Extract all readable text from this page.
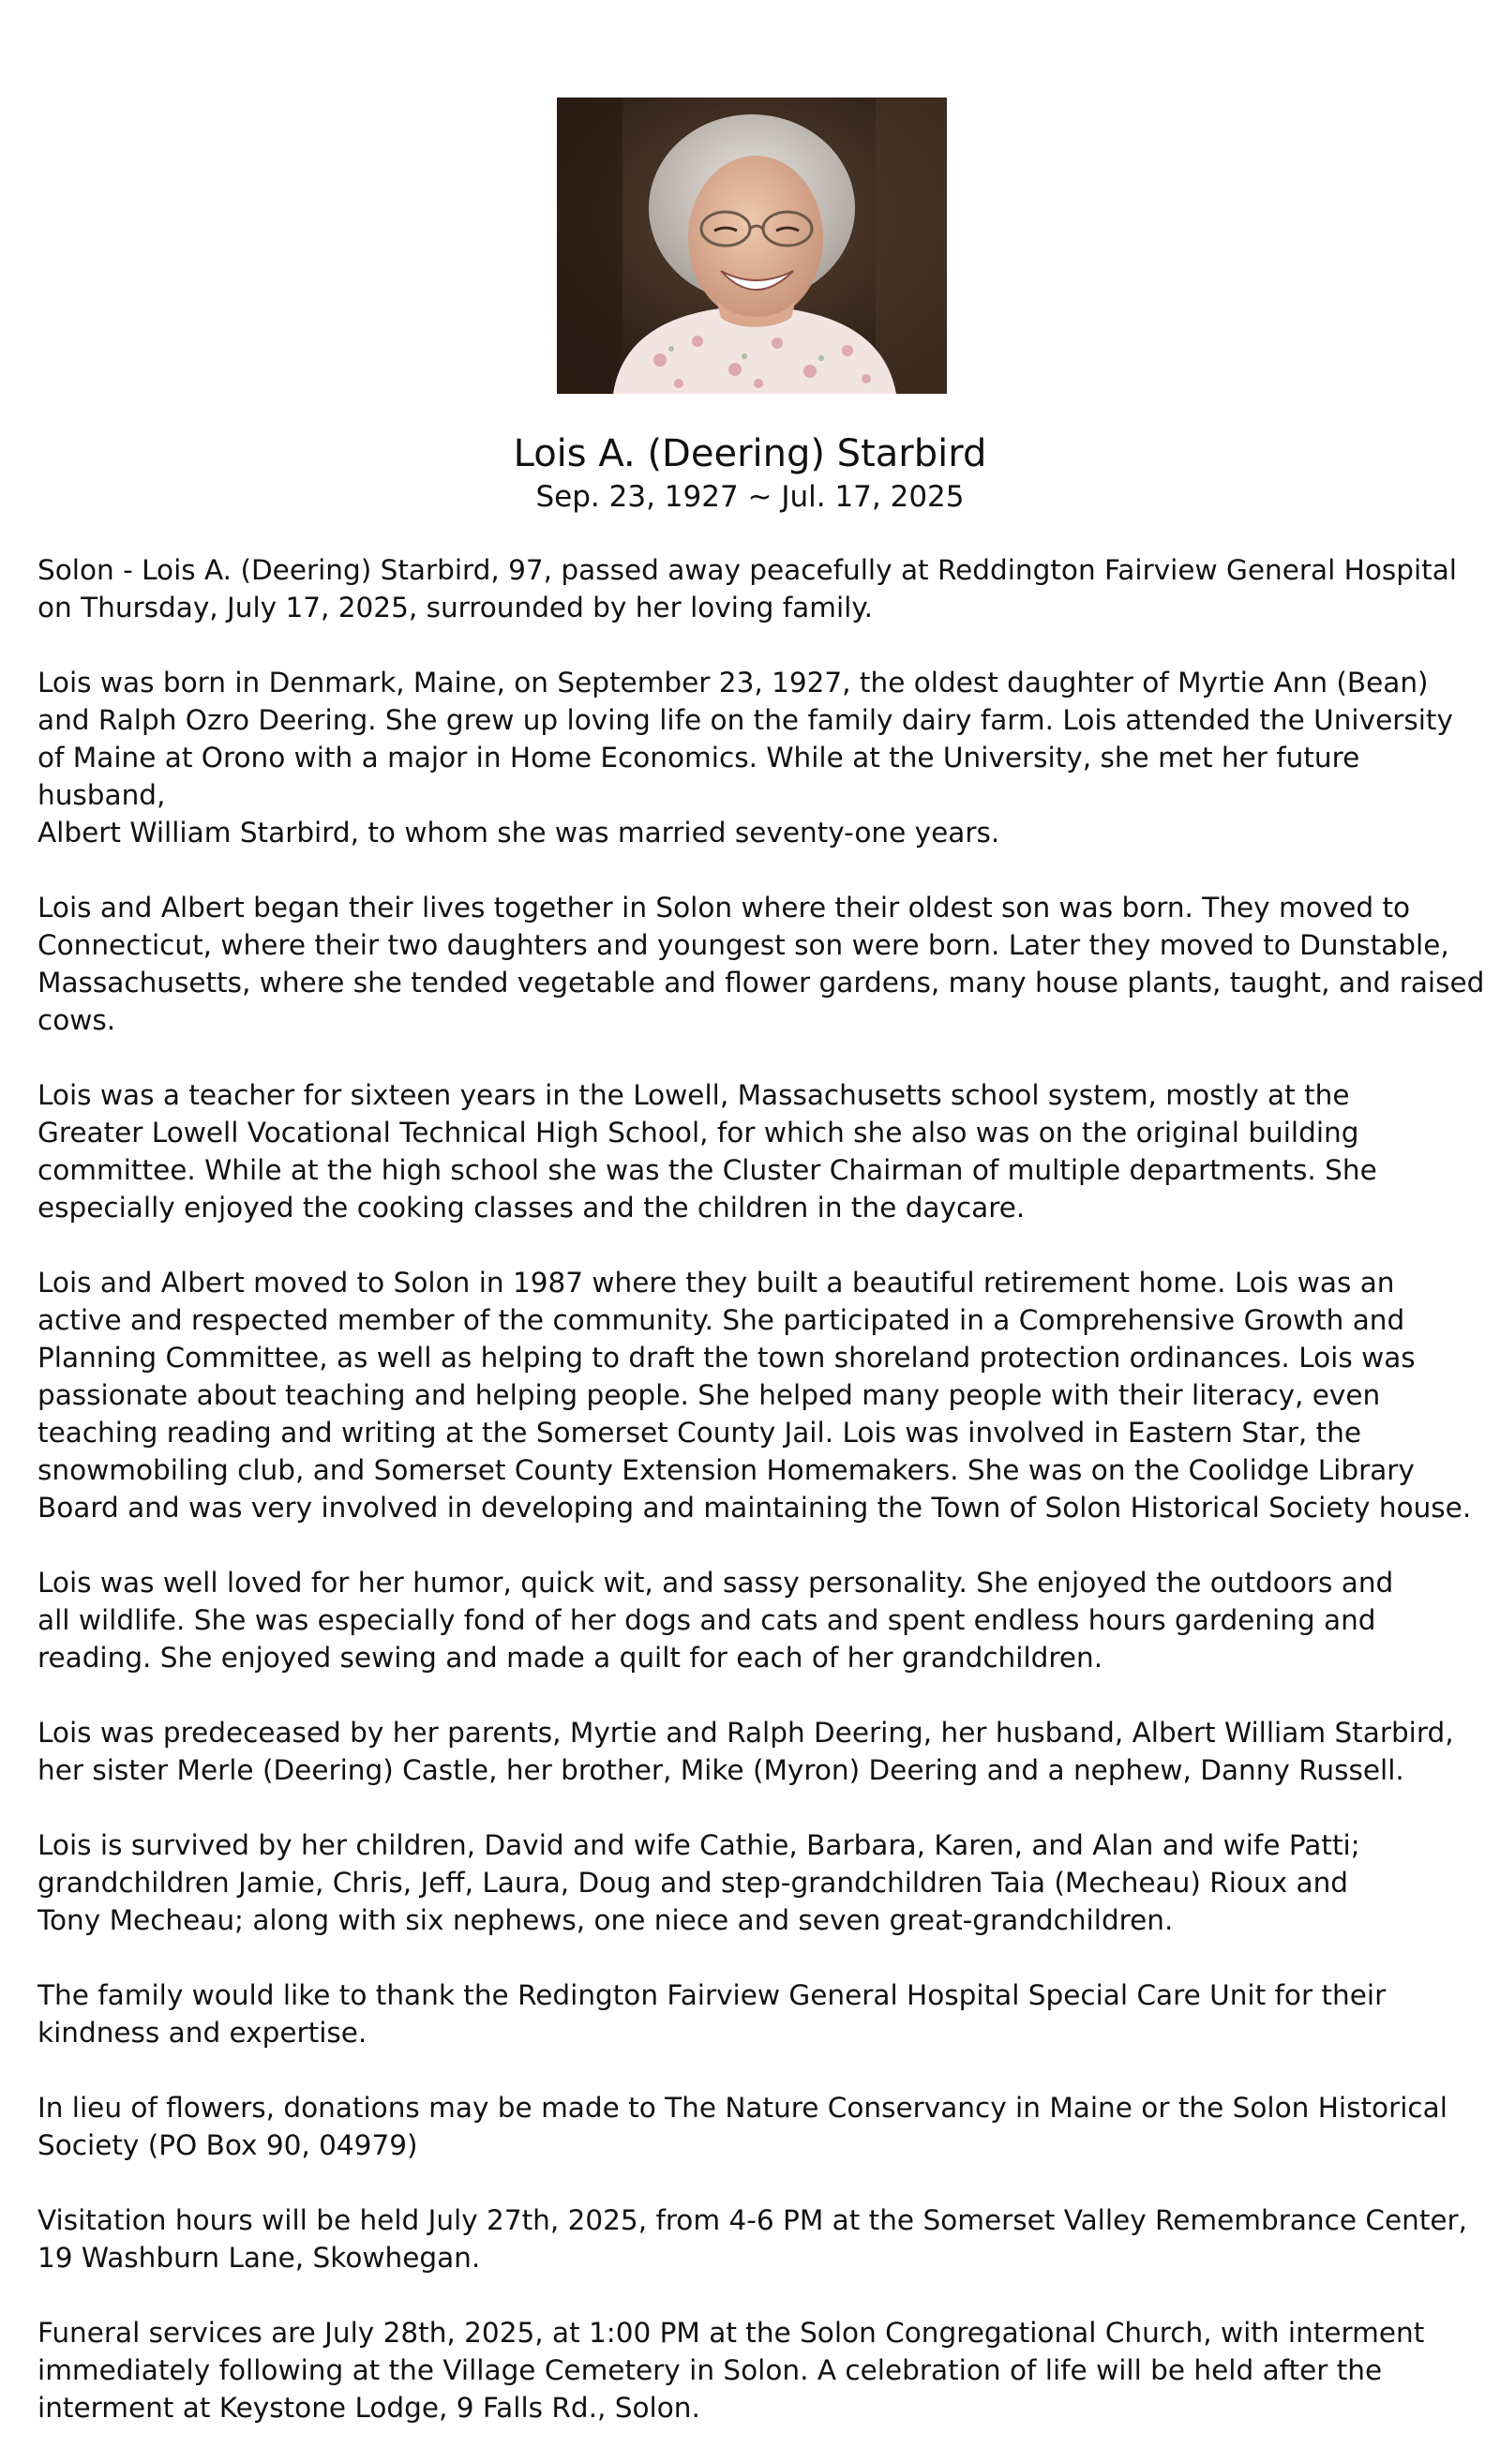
Lois A. (Deering) Starbird

Sep. 23, 1927 ~ Jul. 17, 2025

Solon - Lois A. (Deering) Starbird, 97, passed away peacefully at Reddington Fairview General Hospital
on Thursday, July 17, 2025, surrounded by her loving family.

Lois was born in Denmark, Maine, on September 23, 1927, the oldest daughter of Myrtie Ann (Bean)
and Ralph Ozro Deering. She grew up loving life on the family dairy farm. Lois attended the University
of Maine at Orono with a major in Home Economics. While at the University, she met her future husband,
Albert William Starbird, to whom she was married seventy-one years.

Lois and Albert began their lives together in Solon where their oldest son was born. They moved to
Connecticut, where their two daughters and youngest son were born. Later they moved to Dunstable,
Massachusetts, where she tended vegetable and flower gardens, many house plants, taught, and raised
cows.

Lois was a teacher for sixteen years in the Lowell, Massachusetts school system, mostly at the
Greater Lowell Vocational Technical High School, for which she also was on the original building
committee. While at the high school she was the Cluster Chairman of multiple departments. She
especially enjoyed the cooking classes and the children in the daycare.

Lois and Albert moved to Solon in 1987 where they built a beautiful retirement home. Lois was an
active and respected member of the community. She participated in a Comprehensive Growth and
Planning Committee, as well as helping to draft the town shoreland protection ordinances. Lois was
passionate about teaching and helping people. She helped many people with their literacy, even
teaching reading and writing at the Somerset County Jail. Lois was involved in Eastern Star, the
snowmobiling club, and Somerset County Extension Homemakers. She was on the Coolidge Library
Board and was very involved in developing and maintaining the Town of Solon Historical Society house.

Lois was well loved for her humor, quick wit, and sassy personality. She enjoyed the outdoors and
all wildlife. She was especially fond of her dogs and cats and spent endless hours gardening and
reading. She enjoyed sewing and made a quilt for each of her grandchildren.

Lois was predeceased by her parents, Myrtie and Ralph Deering, her husband, Albert William Starbird,
her sister Merle (Deering) Castle, her brother, Mike (Myron) Deering and a nephew, Danny Russell.

Lois is survived by her children, David and wife Cathie, Barbara, Karen, and Alan and wife Patti;
grandchildren Jamie, Chris, Jeff, Laura, Doug and step-grandchildren Taia (Mecheau) Rioux and
Tony Mecheau; along with six nephews, one niece and seven great-grandchildren.

The family would like to thank the Redington Fairview General Hospital Special Care Unit for their
kindness and expertise.

In lieu of flowers, donations may be made to The Nature Conservancy in Maine or the Solon Historical
Society (PO Box 90, 04979)

Visitation hours will be held July 27th, 2025, from 4-6 PM at the Somerset Valley Remembrance Center,
19 Washburn Lane, Skowhegan.

Funeral services are July 28th, 2025, at 1:00 PM at the Solon Congregational Church, with interment
immediately following at the Village Cemetery in Solon. A celebration of life will be held after the
interment at Keystone Lodge, 9 Falls Rd., Solon.
